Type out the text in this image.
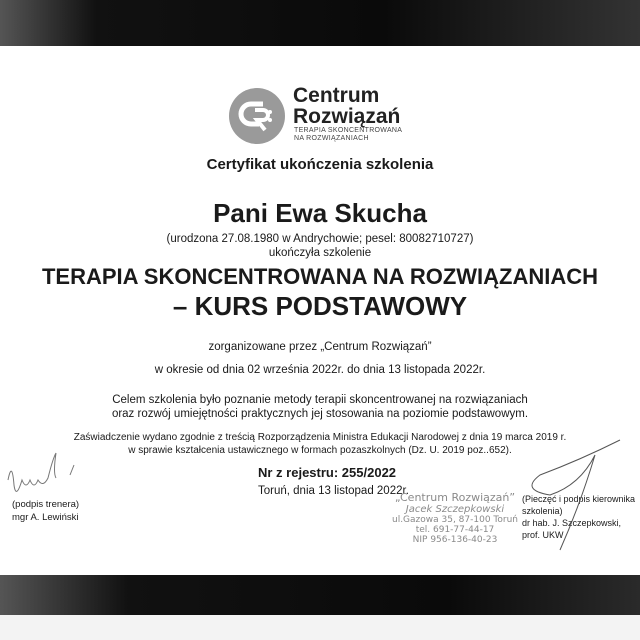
Centrum
Rozwiązań
TERAPIA SKONCENTROWANA
NA ROZWIĄZANIACH
Certyfikat ukończenia szkolenia
Pani Ewa Skucha
(urodzona 27.08.1980 w Andrychowie; pesel: 80082710727)
ukończyła szkolenie
TERAPIA SKONCENTROWANA NA ROZWIĄZANIACH
– KURS PODSTAWOWY
zorganizowane przez „Centrum Rozwiązań”
w okresie od dnia 02 września 2022r. do dnia 13 listopada 2022r.
Celem szkolenia było poznanie metody terapii skoncentrowanej na rozwiązaniach
oraz rozwój umiejętności praktycznych jej stosowania na poziomie podstawowym.
Zaświadczenie wydano zgodnie z treścią Rozporządzenia Ministra Edukacji Narodowej z dnia 19 marca 2019 r.
w sprawie kształcenia ustawicznego w formach pozaszkolnych (Dz. U. 2019 poz..652).
Nr z rejestru: 255/2022
Toruń, dnia 13 listopad 2022r.
(podpis trenera)
mgr A. Lewiński
„Centrum Rozwiązań”
Jacek Szczepkowski
ul.Gazowa 35, 87-100 Toruń
tel. 691-77-44-17
NIP 956-136-40-23
(Pieczęć i podpis kierownika szkolenia)
dr hab. J. Szczepkowski, prof. UKW
